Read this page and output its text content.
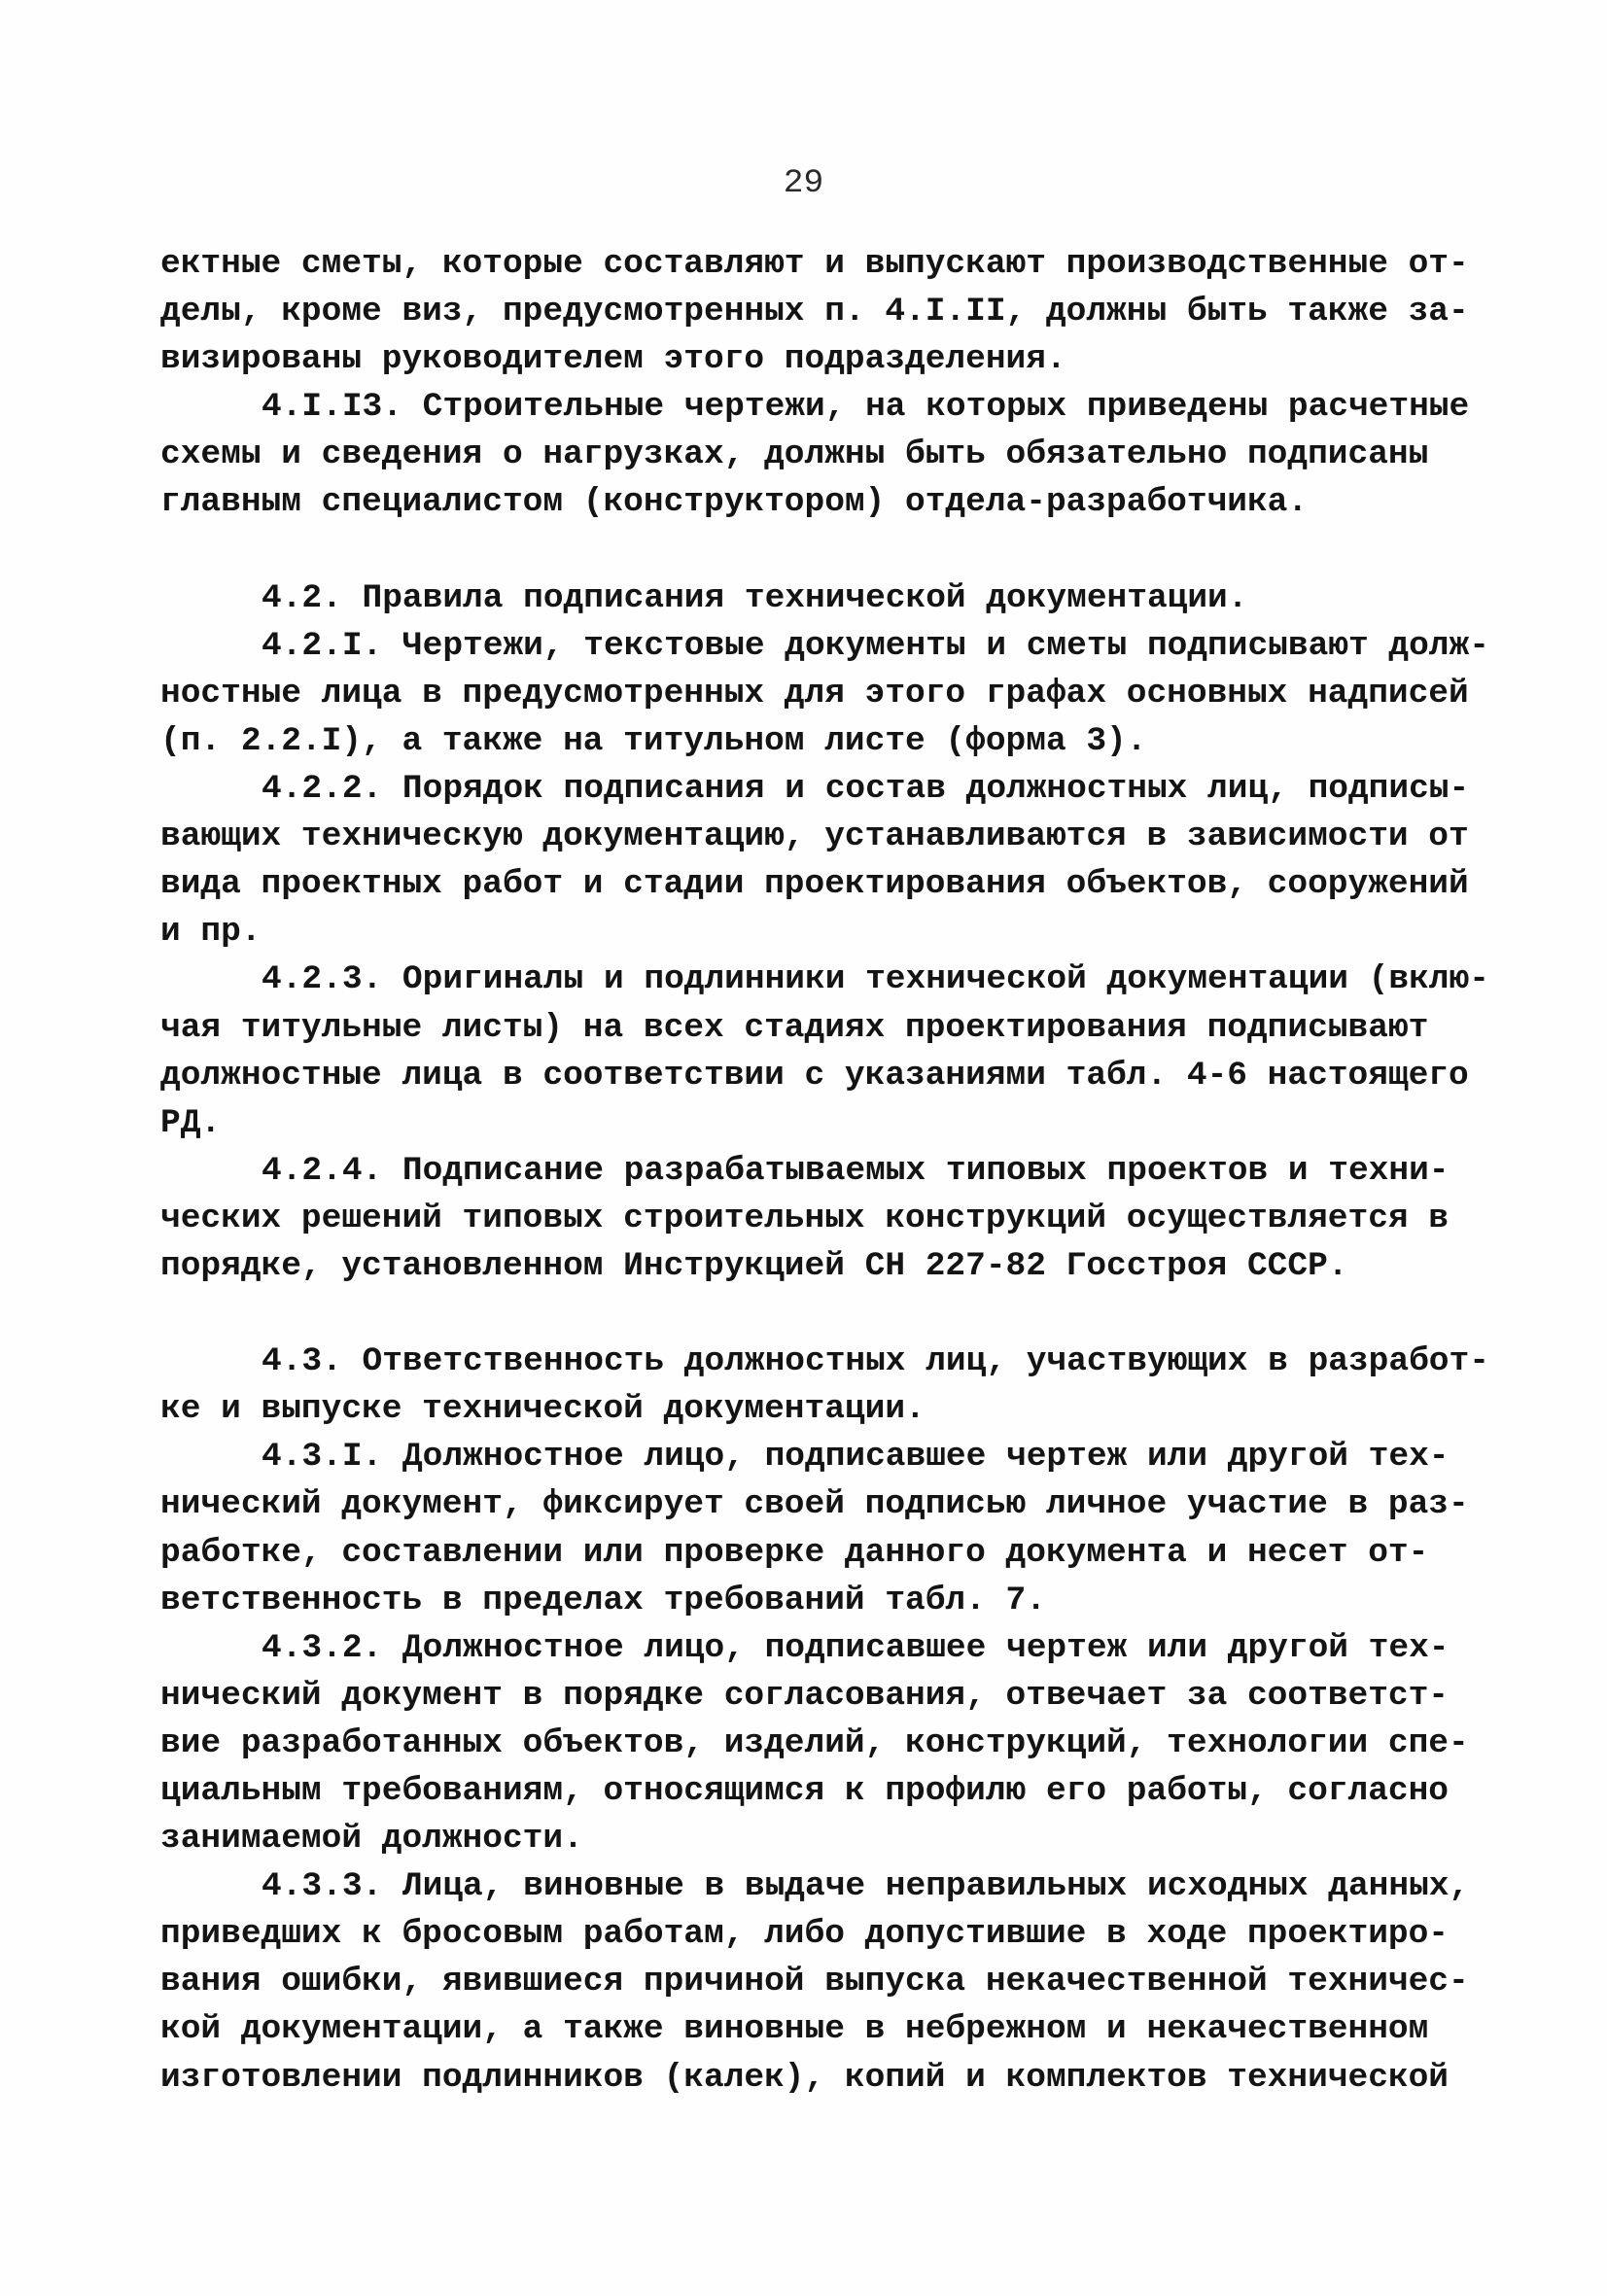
29
ектные сметы, которые составляют и выпускают производственные от-
делы, кроме виз, предусмотренных п. 4.I.II, должны быть также за-
визированы руководителем этого подразделения.
4.I.I3. Строительные чертежи, на которых приведены расчетные
схемы и сведения о нагрузках, должны быть обязательно подписаны
главным специалистом (конструктором) отдела-разработчика.
4.2. Правила подписания технической документации.
4.2.I. Чертежи, текстовые документы и сметы подписывают долж-
ностные лица в предусмотренных для этого графах основных надписей
(п. 2.2.I), а также на титульном листе (форма 3).
4.2.2. Порядок подписания и состав должностных лиц, подписы-
вающих техническую документацию, устанавливаются в зависимости от
вида проектных работ и стадии проектирования объектов, сооружений
и пр.
4.2.3. Оригиналы и подлинники технической документации (вклю-
чая титульные листы) на всех стадиях проектирования подписывают
должностные лица в соответствии с указаниями табл. 4-6 настоящего
РД.
4.2.4. Подписание разрабатываемых типовых проектов и техни-
ческих решений типовых строительных конструкций осуществляется в
порядке, установленном Инструкцией СН 227-82 Госстроя СССР.
4.3. Ответственность должностных лиц, участвующих в разработ-
ке и выпуске технической документации.
4.3.I. Должностное лицо, подписавшее чертеж или другой тех-
нический документ, фиксирует своей подписью личное участие в раз-
работке, составлении или проверке данного документа и несет от-
ветственность в пределах требований табл. 7.
4.3.2. Должностное лицо, подписавшее чертеж или другой тех-
нический документ в порядке согласования, отвечает за соответст-
вие разработанных объектов, изделий, конструкций, технологии спе-
циальным требованиям, относящимся к профилю его работы, согласно
занимаемой должности.
4.3.3. Лица, виновные в выдаче неправильных исходных данных,
приведших к бросовым работам, либо допустившие в ходе проектиро-
вания ошибки, явившиеся причиной выпуска некачественной техничес-
кой документации, а также виновные в небрежном и некачественном
изготовлении подлинников (калек), копий и комплектов технической
